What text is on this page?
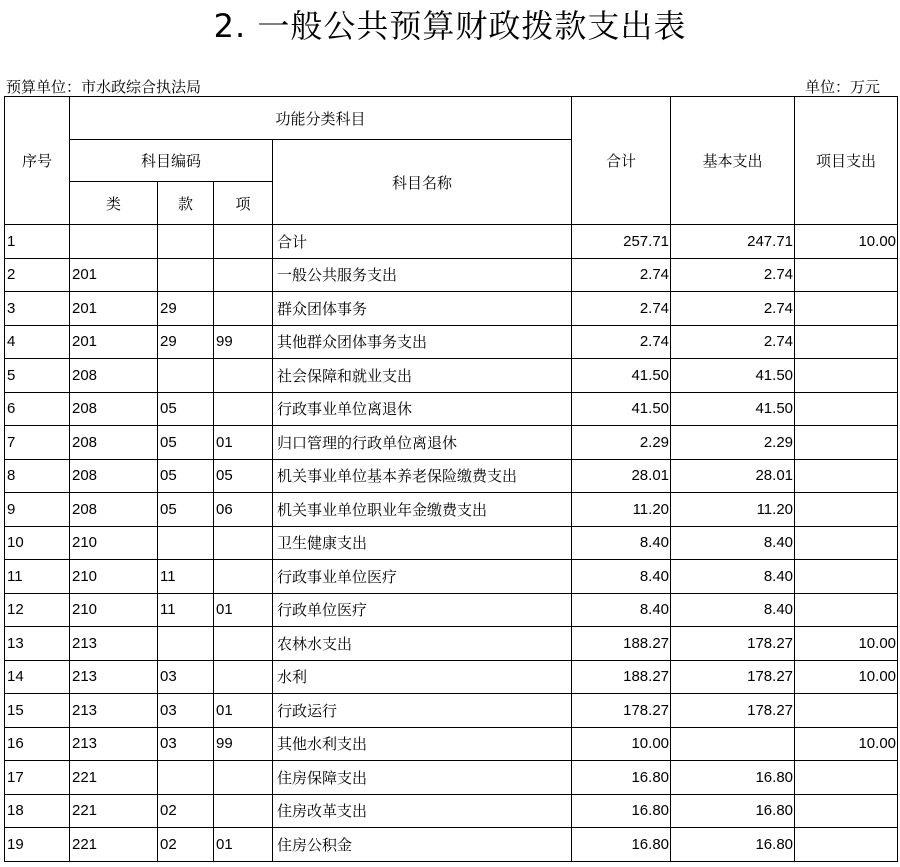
2. 一般公共预算财政拨款支出表
预算单位：市水政综合执法局	单位：万元
序号	功能分类科目				合计	基本支出	项目支出
	科目编码			科目名称			
	类	款	项				
1				合计	257.71	247.71	10.00
2	201			一般公共服务支出	2.74	2.74	
3	201	29		群众团体事务	2.74	2.74	
4	201	29	99	其他群众团体事务支出	2.74	2.74	
5	208			社会保障和就业支出	41.50	41.50	
6	208	05		行政事业单位离退休	41.50	41.50	
7	208	05	01	归口管理的行政单位离退休	2.29	2.29	
8	208	05	05	机关事业单位基本养老保险缴费支出	28.01	28.01	
9	208	05	06	机关事业单位职业年金缴费支出	11.20	11.20	
10	210			卫生健康支出	8.40	8.40	
11	210	11		行政事业单位医疗	8.40	8.40	
12	210	11	01	行政单位医疗	8.40	8.40	
13	213			农林水支出	188.27	178.27	10.00
14	213	03		水利	188.27	178.27	10.00
15	213	03	01	行政运行	178.27	178.27	
16	213	03	99	其他水利支出	10.00		10.00
17	221			住房保障支出	16.80	16.80	
18	221	02		住房改革支出	16.80	16.80	
19	221	02	01	住房公积金	16.80	16.80	
